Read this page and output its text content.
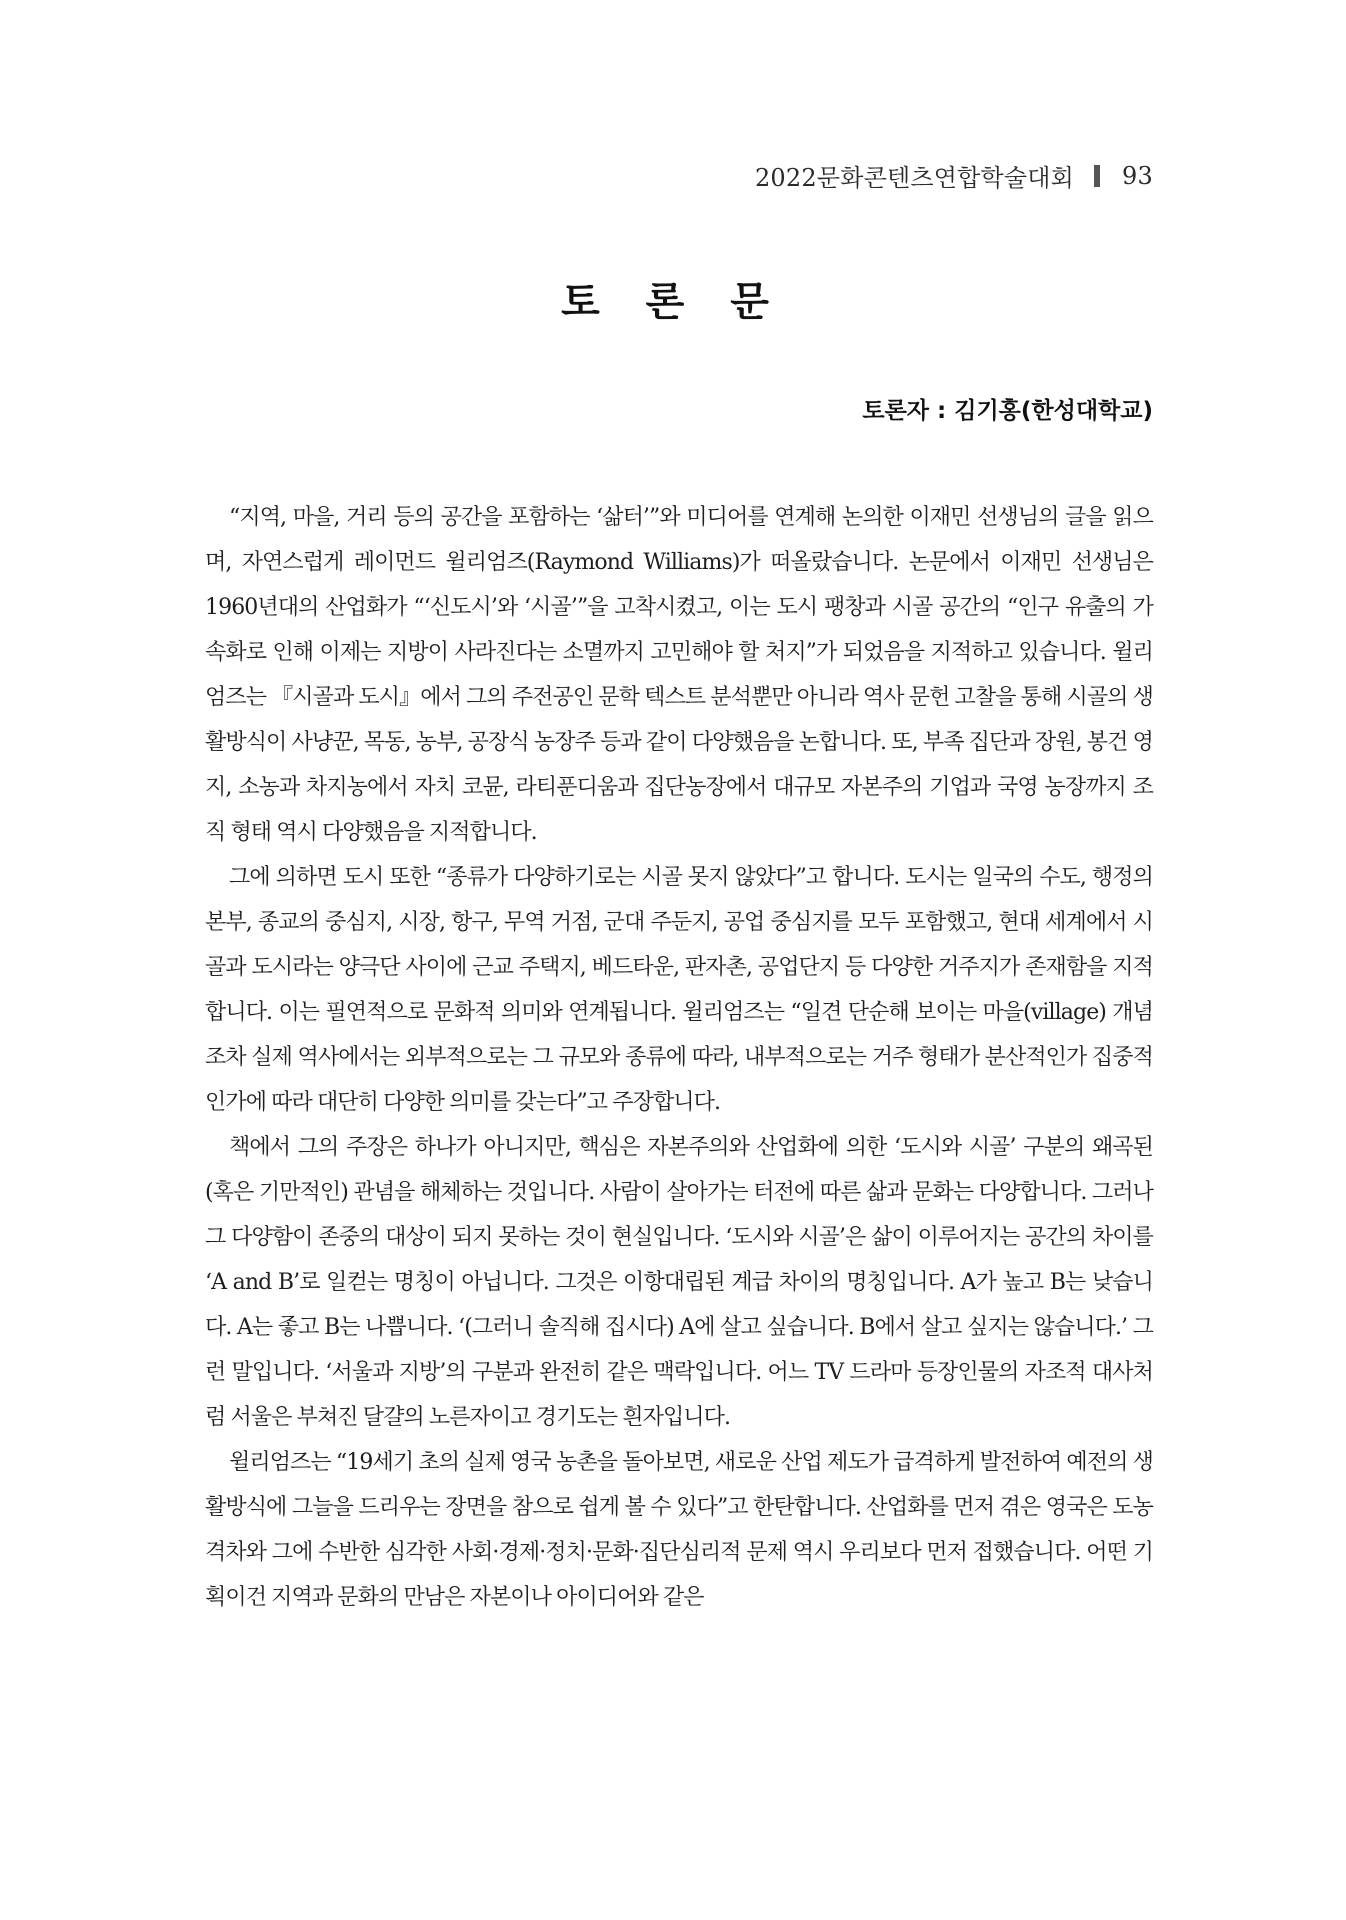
2022문화콘텐츠연합학술대회 93
토 론 문
토론자 : 김기홍(한성대학교)

“지역, 마을, 거리 등의 공간을 포함하는 ‘삶터’”와 미디어를 연계해 논의한 이재민 선생님의 글을 읽으며, 자연스럽게 레이먼드 윌리엄즈(Raymond Williams)가 떠올랐습니다. 논문에서 이재민 선생님은 1960년대의 산업화가 “‘신도시’와 ‘시골’”을 고착시켰고, 이는 도시 팽창과 시골 공간의 “인구 유출의 가속화로 인해 이제는 지방이 사라진다는 소멸까지 고민해야 할 처지”가 되었음을 지적하고 있습니다. 윌리엄즈는 『시골과 도시』에서 그의 주전공인 문학 텍스트 분석뿐만 아니라 역사 문헌 고찰을 통해 시골의 생활방식이 사냥꾼, 목동, 농부, 공장식 농장주 등과 같이 다양했음을 논합니다. 또, 부족 집단과 장원, 봉건 영지, 소농과 차지농에서 자치 코뮨, 라티푼디움과 집단농장에서 대규모 자본주의 기업과 국영 농장까지 조직 형태 역시 다양했음을 지적합니다.

그에 의하면 도시 또한 “종류가 다양하기로는 시골 못지 않았다”고 합니다. 도시는 일국의 수도, 행정의 본부, 종교의 중심지, 시장, 항구, 무역 거점, 군대 주둔지, 공업 중심지를 모두 포함했고, 현대 세계에서 시골과 도시라는 양극단 사이에 근교 주택지, 베드타운, 판자촌, 공업단지 등 다양한 거주지가 존재함을 지적합니다. 이는 필연적으로 문화적 의미와 연계됩니다. 윌리엄즈는 “일견 단순해 보이는 마을(village) 개념조차 실제 역사에서는 외부적으로는 그 규모와 종류에 따라, 내부적으로는 거주 형태가 분산적인가 집중적인가에 따라 대단히 다양한 의미를 갖는다”고 주장합니다.

책에서 그의 주장은 하나가 아니지만, 핵심은 자본주의와 산업화에 의한 ‘도시와 시골’ 구분의 왜곡된 (혹은 기만적인) 관념을 해체하는 것입니다. 사람이 살아가는 터전에 따른 삶과 문화는 다양합니다. 그러나 그 다양함이 존중의 대상이 되지 못하는 것이 현실입니다. ‘도시와 시골’은 삶이 이루어지는 공간의 차이를 ‘A and B’로 일컫는 명칭이 아닙니다. 그것은 이항대립된 계급 차이의 명칭입니다. A가 높고 B는 낮습니다. A는 좋고 B는 나쁩니다. ‘(그러니 솔직해 집시다) A에 살고 싶습니다. B에서 살고 싶지는 않습니다.’ 그런 말입니다. ‘서울과 지방’의 구분과 완전히 같은 맥락입니다. 어느 TV 드라마 등장인물의 자조적 대사처럼 서울은 부쳐진 달걀의 노른자이고 경기도는 흰자입니다.

윌리엄즈는 “19세기 초의 실제 영국 농촌을 돌아보면, 새로운 산업 제도가 급격하게 발전하여 예전의 생활방식에 그늘을 드리우는 장면을 참으로 쉽게 볼 수 있다”고 한탄합니다. 산업화를 먼저 겪은 영국은 도농격차와 그에 수반한 심각한 사회·경제·정치·문화·집단심리적 문제 역시 우리보다 먼저 접했습니다. 어떤 기획이건 지역과 문화의 만남은 자본이나 아이디어와 같은
